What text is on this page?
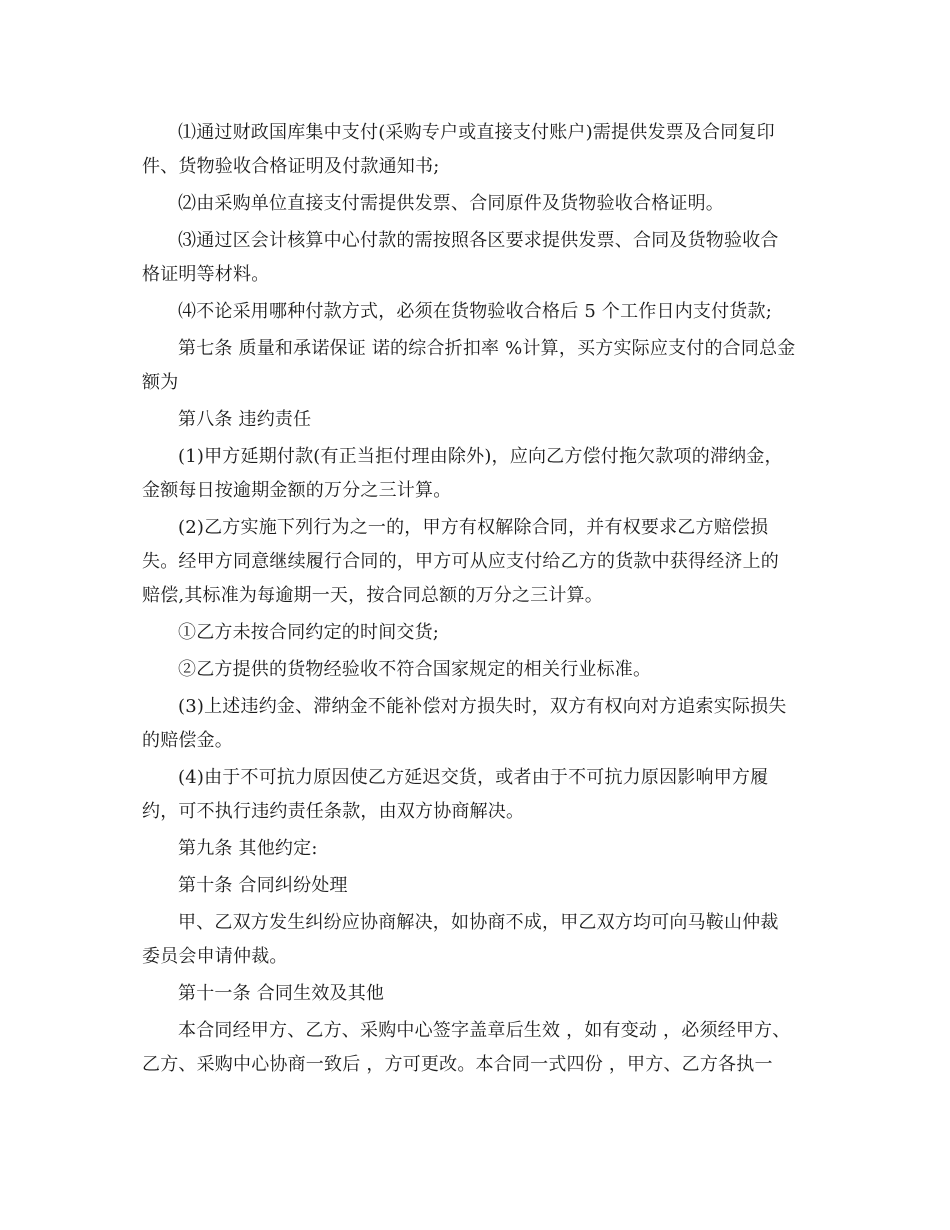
⑴通过财政国库集中支付(采购专户或直接支付账户)需提供发票及合同复印
件、货物验收合格证明及付款通知书;
⑵由采购单位直接支付需提供发票、合同原件及货物验收合格证明。
⑶通过区会计核算中心付款的需按照各区要求提供发票、合同及货物验收合
格证明等材料。
⑷不论采用哪种付款方式，必须在货物验收合格后 5 个工作日内支付货款;
第七条 质量和承诺保证 诺的综合折扣率 %计算，买方实际应支付的合同总金
额为
第八条 违约责任
(1)甲方延期付款(有正当拒付理由除外)，应向乙方偿付拖欠款项的滞纳金，
金额每日按逾期金额的万分之三计算。
(2)乙方实施下列行为之一的，甲方有权解除合同，并有权要求乙方赔偿损
失。经甲方同意继续履行合同的，甲方可从应支付给乙方的货款中获得经济上的
赔偿,其标准为每逾期一天，按合同总额的万分之三计算。
①乙方未按合同约定的时间交货;
②乙方提供的货物经验收不符合国家规定的相关行业标准。
(3)上述违约金、滞纳金不能补偿对方损失时，双方有权向对方追索实际损失
的赔偿金。
(4)由于不可抗力原因使乙方延迟交货，或者由于不可抗力原因影响甲方履
约，可不执行违约责任条款，由双方协商解决。
第九条 其他约定:
第十条 合同纠纷处理
甲、乙双方发生纠纷应协商解决，如协商不成，甲乙双方均可向马鞍山仲裁
委员会申请仲裁。
第十一条 合同生效及其他
本合同经甲方、乙方、采购中心签字盖章后生效 ，如有变动 ，必须经甲方、
乙方、采购中心协商一致后 ，方可更改。本合同一式四份 ，甲方、乙方各执一
